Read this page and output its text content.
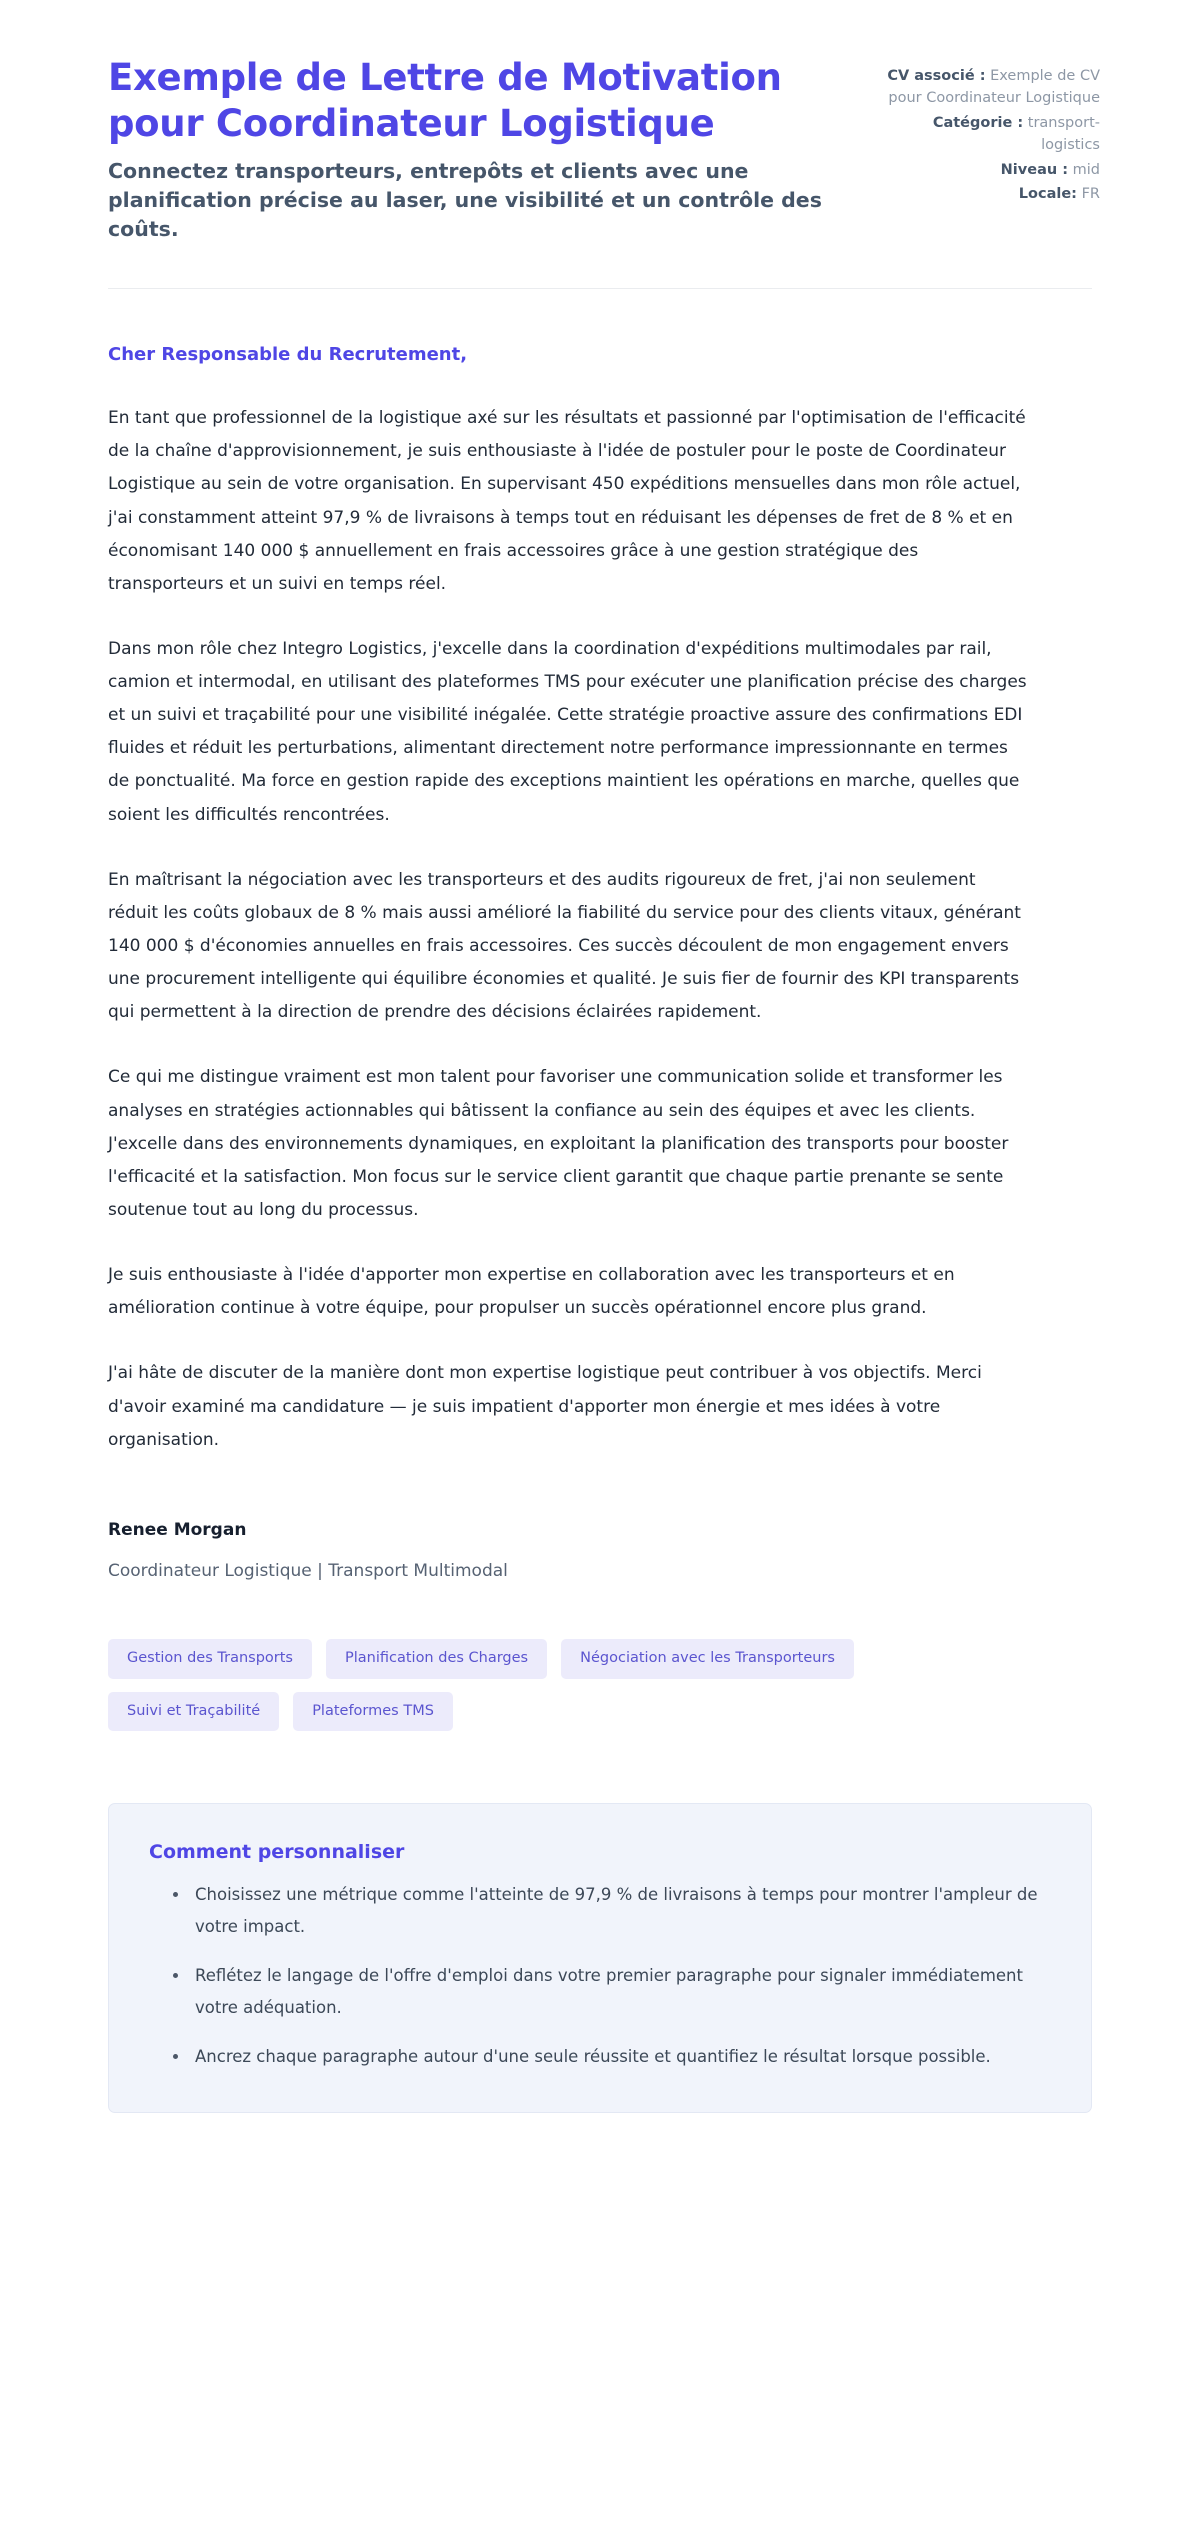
Exemple de Lettre de Motivation pour Coordinateur Logistique

Connectez transporteurs, entrepôts et clients avec une planification précise au laser, une visibilité et un contrôle des coûts.

CV associé : Exemple de CV pour Coordinateur Logistique
Catégorie : transport-logistics
Niveau : mid
Locale: FR

Cher Responsable du Recrutement,

En tant que professionnel de la logistique axé sur les résultats et passionné par l'optimisation de l'efficacité de la chaîne d'approvisionnement, je suis enthousiaste à l'idée de postuler pour le poste de Coordinateur Logistique au sein de votre organisation. En supervisant 450 expéditions mensuelles dans mon rôle actuel, j'ai constamment atteint 97,9 % de livraisons à temps tout en réduisant les dépenses de fret de 8 % et en économisant 140 000 $ annuellement en frais accessoires grâce à une gestion stratégique des transporteurs et un suivi en temps réel.

Dans mon rôle chez Integro Logistics, j'excelle dans la coordination d'expéditions multimodales par rail, camion et intermodal, en utilisant des plateformes TMS pour exécuter une planification précise des charges et un suivi et traçabilité pour une visibilité inégalée. Cette stratégie proactive assure des confirmations EDI fluides et réduit les perturbations, alimentant directement notre performance impressionnante en termes de ponctualité. Ma force en gestion rapide des exceptions maintient les opérations en marche, quelles que soient les difficultés rencontrées.

En maîtrisant la négociation avec les transporteurs et des audits rigoureux de fret, j'ai non seulement réduit les coûts globaux de 8 % mais aussi amélioré la fiabilité du service pour des clients vitaux, générant 140 000 $ d'économies annuelles en frais accessoires. Ces succès découlent de mon engagement envers une procurement intelligente qui équilibre économies et qualité. Je suis fier de fournir des KPI transparents qui permettent à la direction de prendre des décisions éclairées rapidement.

Ce qui me distingue vraiment est mon talent pour favoriser une communication solide et transformer les analyses en stratégies actionnables qui bâtissent la confiance au sein des équipes et avec les clients. J'excelle dans des environnements dynamiques, en exploitant la planification des transports pour booster l'efficacité et la satisfaction. Mon focus sur le service client garantit que chaque partie prenante se sente soutenue tout au long du processus.

Je suis enthousiaste à l'idée d'apporter mon expertise en collaboration avec les transporteurs et en amélioration continue à votre équipe, pour propulser un succès opérationnel encore plus grand.

J'ai hâte de discuter de la manière dont mon expertise logistique peut contribuer à vos objectifs. Merci d'avoir examiné ma candidature — je suis impatient d'apporter mon énergie et mes idées à votre organisation.

Renee Morgan

Coordinateur Logistique | Transport Multimodal

Gestion des Transports	Planification des Charges	Négociation avec les Transporteurs
Suivi et Traçabilité	Plateformes TMS
Comment personnaliser
Choisissez une métrique comme l'atteinte de 97,9 % de livraisons à temps pour montrer l'ampleur de votre impact.
Reflétez le langage de l'offre d'emploi dans votre premier paragraphe pour signaler immédiatement votre adéquation.
Ancrez chaque paragraphe autour d'une seule réussite et quantifiez le résultat lorsque possible.
